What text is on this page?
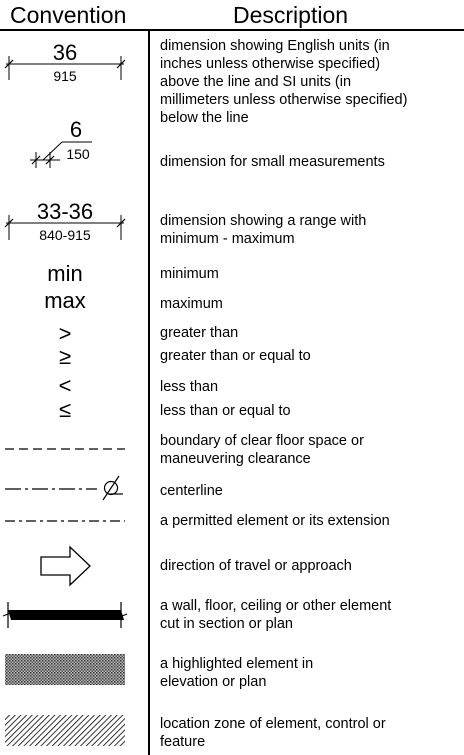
Convention	Description
36
915
6
150
33-36
840-915
min
max
>
≥
<
≤
dimension showing English units (in
inches unless otherwise specified)
above the line and SI units (in
millimeters unless otherwise specified)
below the line
dimension for small measurements
dimension showing a range with
minimum - maximum
minimum
maximum
greater than
greater than or equal to
less than
less than or equal to
boundary of clear floor space or
maneuvering clearance
centerline
a permitted element or its extension
direction of travel or approach
a wall, floor, ceiling or other element
cut in section or plan
a highlighted element in
elevation or plan
location zone of element, control or
feature
